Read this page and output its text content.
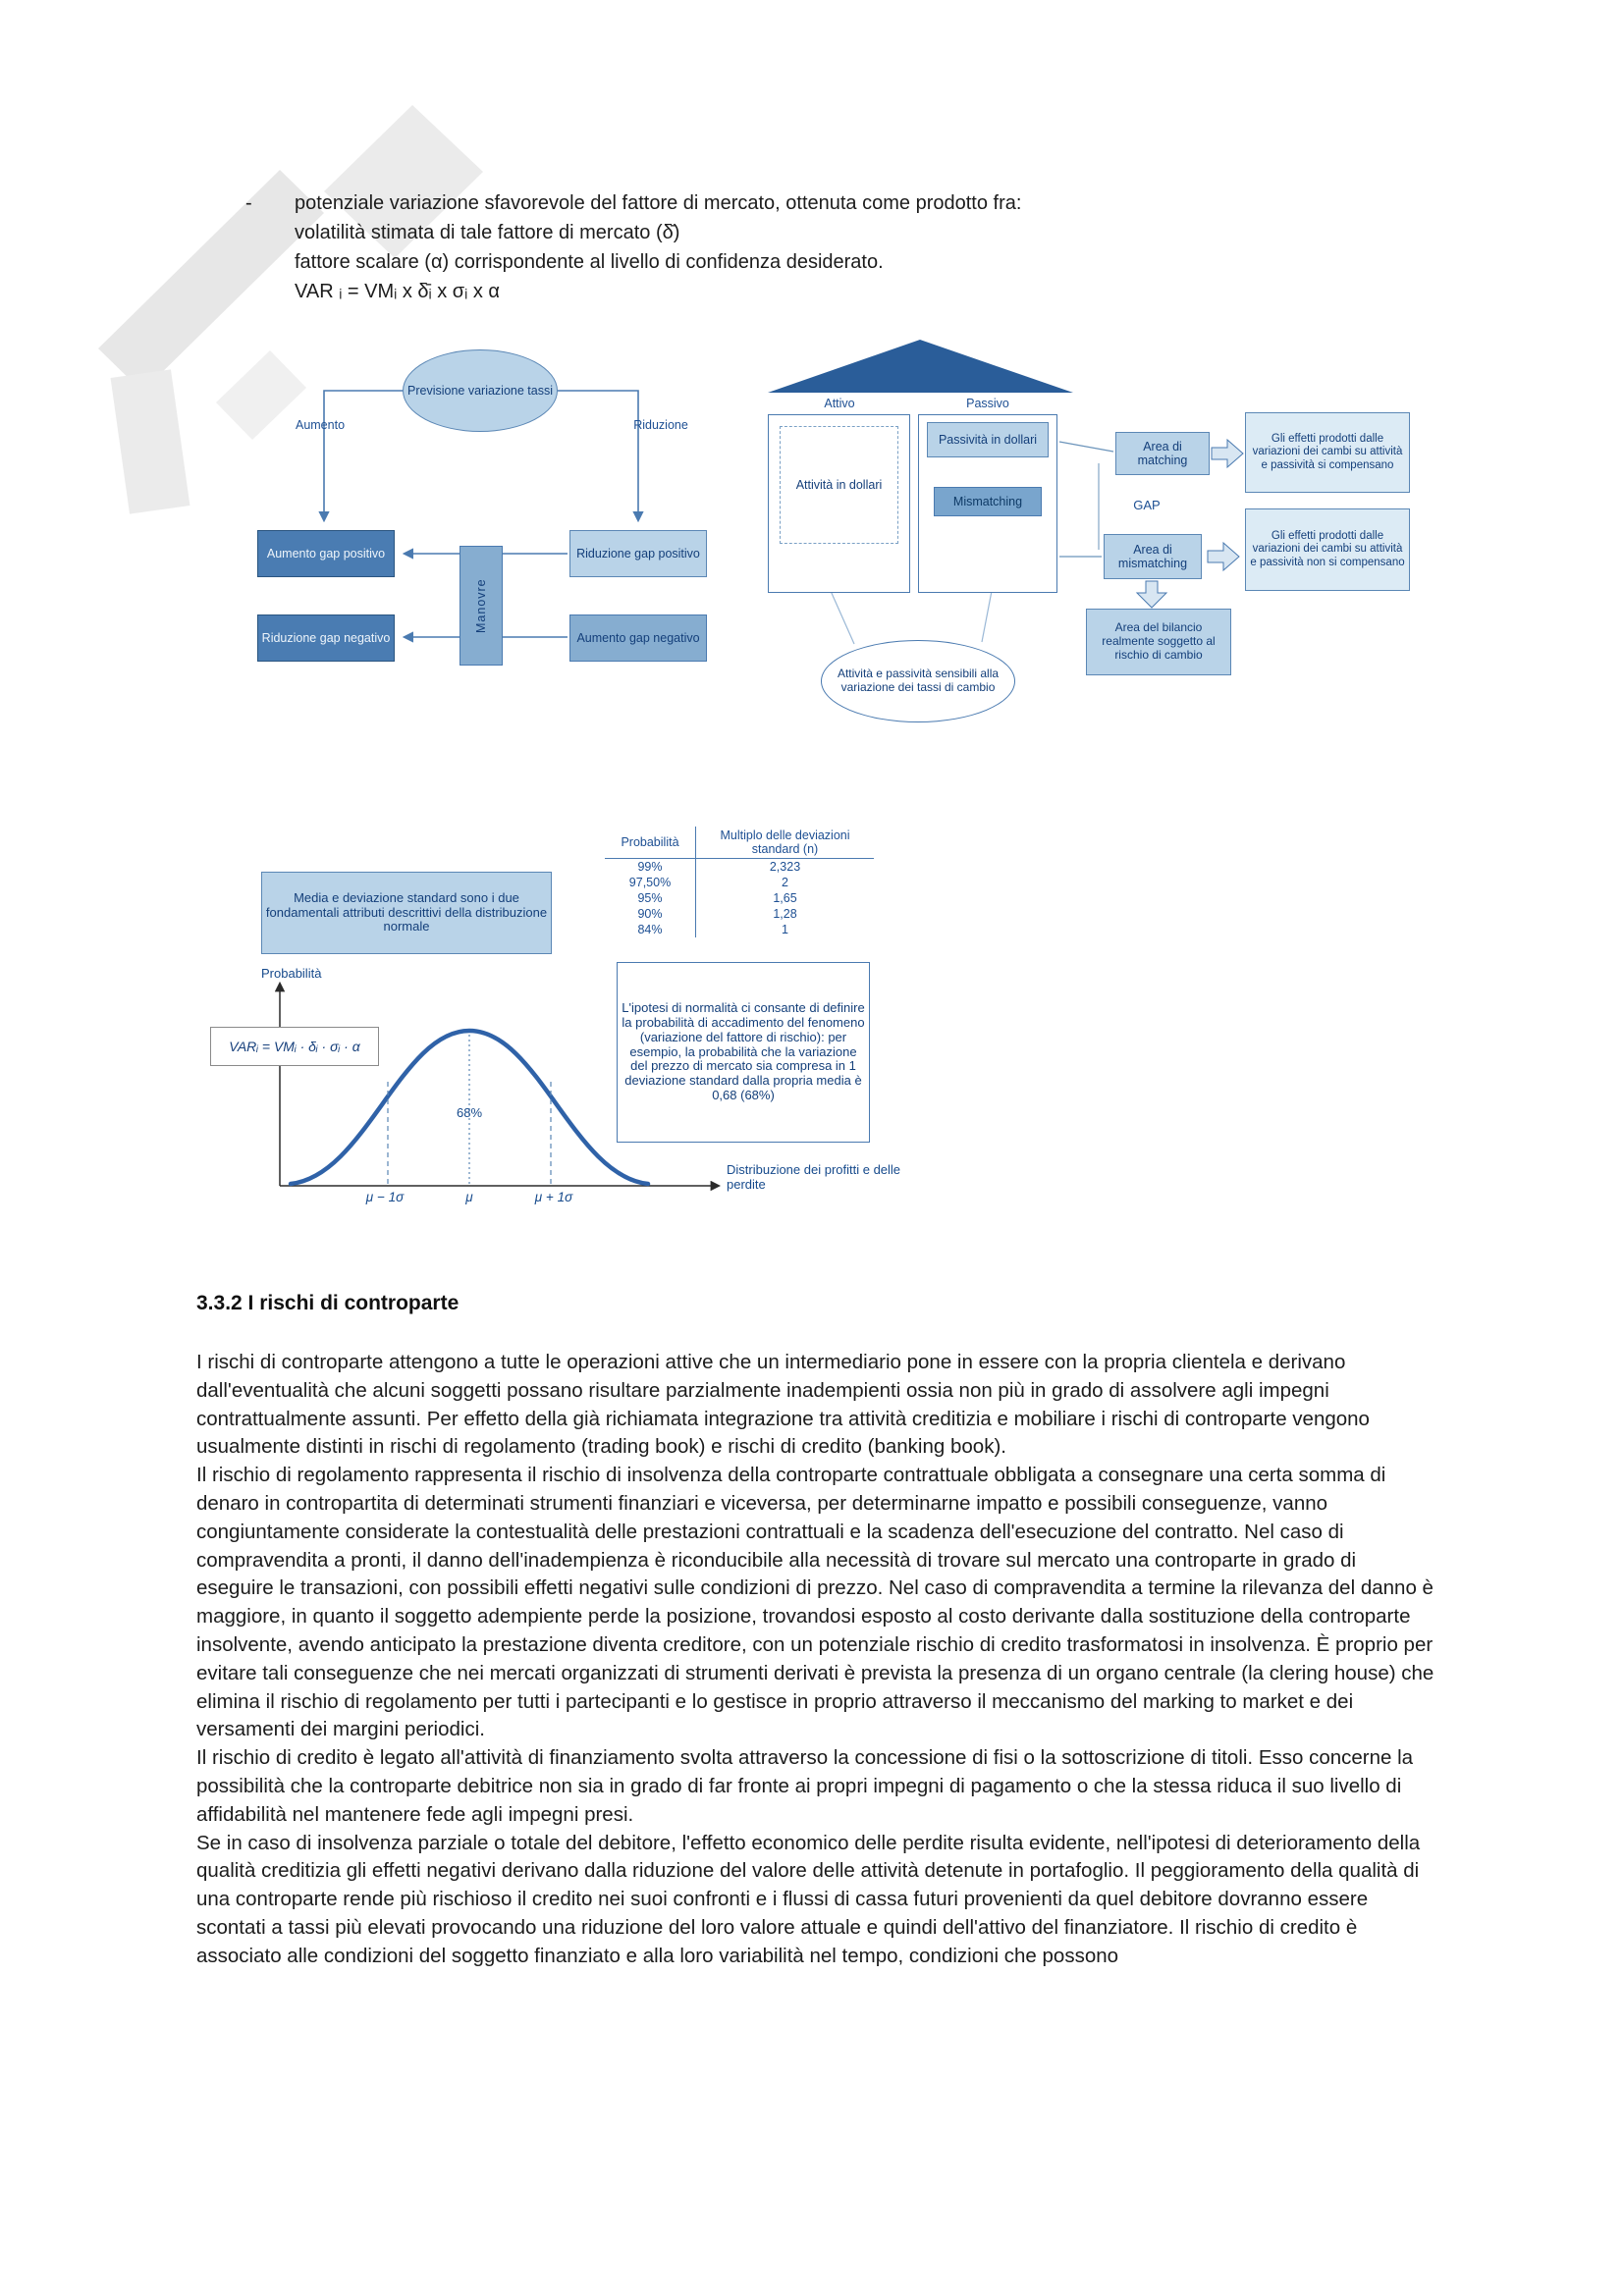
- potenziale variazione sfavorevole del fattore di mercato, ottenuta come prodotto fra:
volatilità stimata di tale fattore di mercato (δ̄)
fattore scalare (α) corrispondente al livello di confidenza desiderato.
VAR ᵢ = VMᵢ x δ̄ᵢ x σᵢ x α
Previsione variazione tassi
Aumento	Riduzione
Aumento gap positivo	Riduzione gap positivo
Manovre
Riduzione gap negativo	Aumento gap negativo
Attivo	Passivo
Attività in dollari
Passività in dollari
Mismatching
Area di matching
Gli effetti prodotti dalle variazioni dei cambi su attività e passività si compensano
GAP
Area di mismatching
Gli effetti prodotti dalle variazioni dei cambi su attività e passività non si compensano
Area del bilancio realmente soggetto al rischio di cambio
Attività e passività sensibili alla variazione dei tassi di cambio
Probabilità	Multiplo delle deviazioni standard (n)
99%	2,323
97,50%	2
95%	1,65
90%	1,28
84%	1
Media e deviazione standard sono i due fondamentali attributi descrittivi della distribuzione normale
Probabilità
VARᵢ = VMᵢ · δᵢ · σᵢ · α
68%
μ − 1σ	μ	μ + 1σ
L'ipotesi di normalità ci consante di definire la probabilità di accadimento del fenomeno (variazione del fattore di rischio): per esempio, la probabilità che la variazione del prezzo di mercato sia compresa in 1 deviazione standard dalla propria media è 0,68 (68%)
Distribuzione dei profitti e delle perdite
3.3.2 I rischi di controparte

I rischi di controparte attengono a tutte le operazioni attive che un intermediario pone in essere con la propria clientela e derivano dall'eventualità che alcuni soggetti possano risultare parzialmente inadempienti ossia non più in grado di assolvere agli impegni contrattualmente assunti. Per effetto della già richiamata integrazione tra attività creditizia e mobiliare i rischi di controparte vengono usualmente distinti in rischi di regolamento (trading book) e rischi di credito (banking book).

Il rischio di regolamento rappresenta il rischio di insolvenza della controparte contrattuale obbligata a consegnare una certa somma di denaro in contropartita di determinati strumenti finanziari e viceversa, per determinarne impatto e possibili conseguenze, vanno congiuntamente considerate la contestualità delle prestazioni contrattuali e la scadenza dell'esecuzione del contratto. Nel caso di compravendita a pronti, il danno dell'inadempienza è riconducibile alla necessità di trovare sul mercato una controparte in grado di eseguire le transazioni, con possibili effetti negativi sulle condizioni di prezzo. Nel caso di compravendita a termine la rilevanza del danno è maggiore, in quanto il soggetto adempiente perde la posizione, trovandosi esposto al costo derivante dalla sostituzione della controparte insolvente, avendo anticipato la prestazione diventa creditore, con un potenziale rischio di credito trasformatosi in insolvenza. È proprio per evitare tali conseguenze che nei mercati organizzati di strumenti derivati è prevista la presenza di un organo centrale (la clering house) che elimina il rischio di regolamento per tutti i partecipanti e lo gestisce in proprio attraverso il meccanismo del marking to market e dei versamenti dei margini periodici.

Il rischio di credito è legato all'attività di finanziamento svolta attraverso la concessione di fisi o la sottoscrizione di titoli. Esso concerne la possibilità che la controparte debitrice non sia in grado di far fronte ai propri impegni di pagamento o che la stessa riduca il suo livello di affidabilità nel mantenere fede agli impegni presi.

Se in caso di insolvenza parziale o totale del debitore, l'effetto economico delle perdite risulta evidente, nell'ipotesi di deterioramento della qualità creditizia gli effetti negativi derivano dalla riduzione del valore delle attività detenute in portafoglio. Il peggioramento della qualità di una controparte rende più rischioso il credito nei suoi confronti e i flussi di cassa futuri provenienti da quel debitore dovranno essere scontati a tassi più elevati provocando una riduzione del loro valore attuale e quindi dell'attivo del finanziatore. Il rischio di credito è associato alle condizioni del soggetto finanziato e alla loro variabilità nel tempo, condizioni che possono
